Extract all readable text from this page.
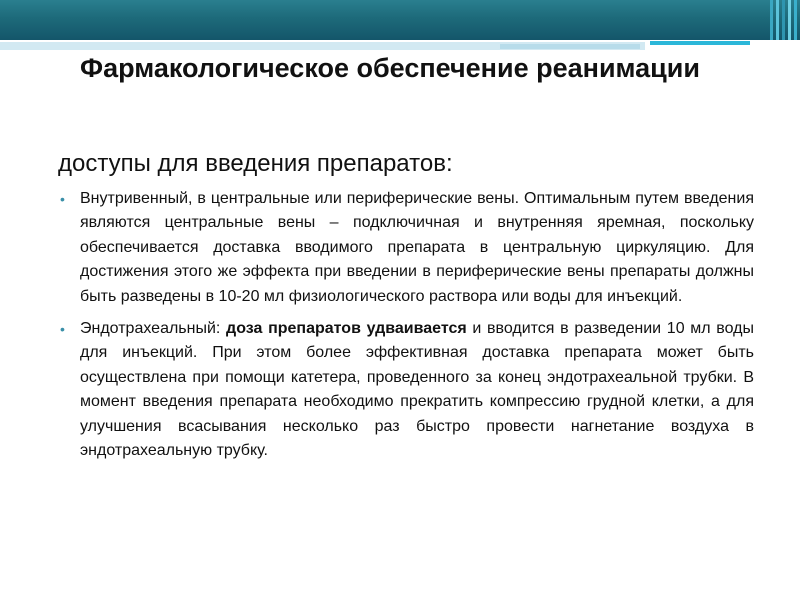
Фармакологическое обеспечение реанимации
доступы для введения препаратов:
• Внутривенный, в центральные или периферические вены. Оптимальным путем введения являются центральные вены – подключичная и внутренняя яремная, поскольку обеспечивается доставка вводимого препарата в центральную циркуляцию. Для достижения этого же эффекта при введении в периферические вены препараты должны быть разведены в 10-20 мл физиологического раствора или воды для инъекций.
• Эндотрахеальный: доза препаратов удваивается и вводится в разведении 10 мл воды для инъекций. При этом более эффективная доставка препарата может быть осуществлена при помощи катетера, проведенного за конец эндотрахеальной трубки. В момент введения препарата необходимо прекратить компрессию грудной клетки, а для улучшения всасывания несколько раз быстро провести нагнетание воздуха в эндотрахеальную трубку.
